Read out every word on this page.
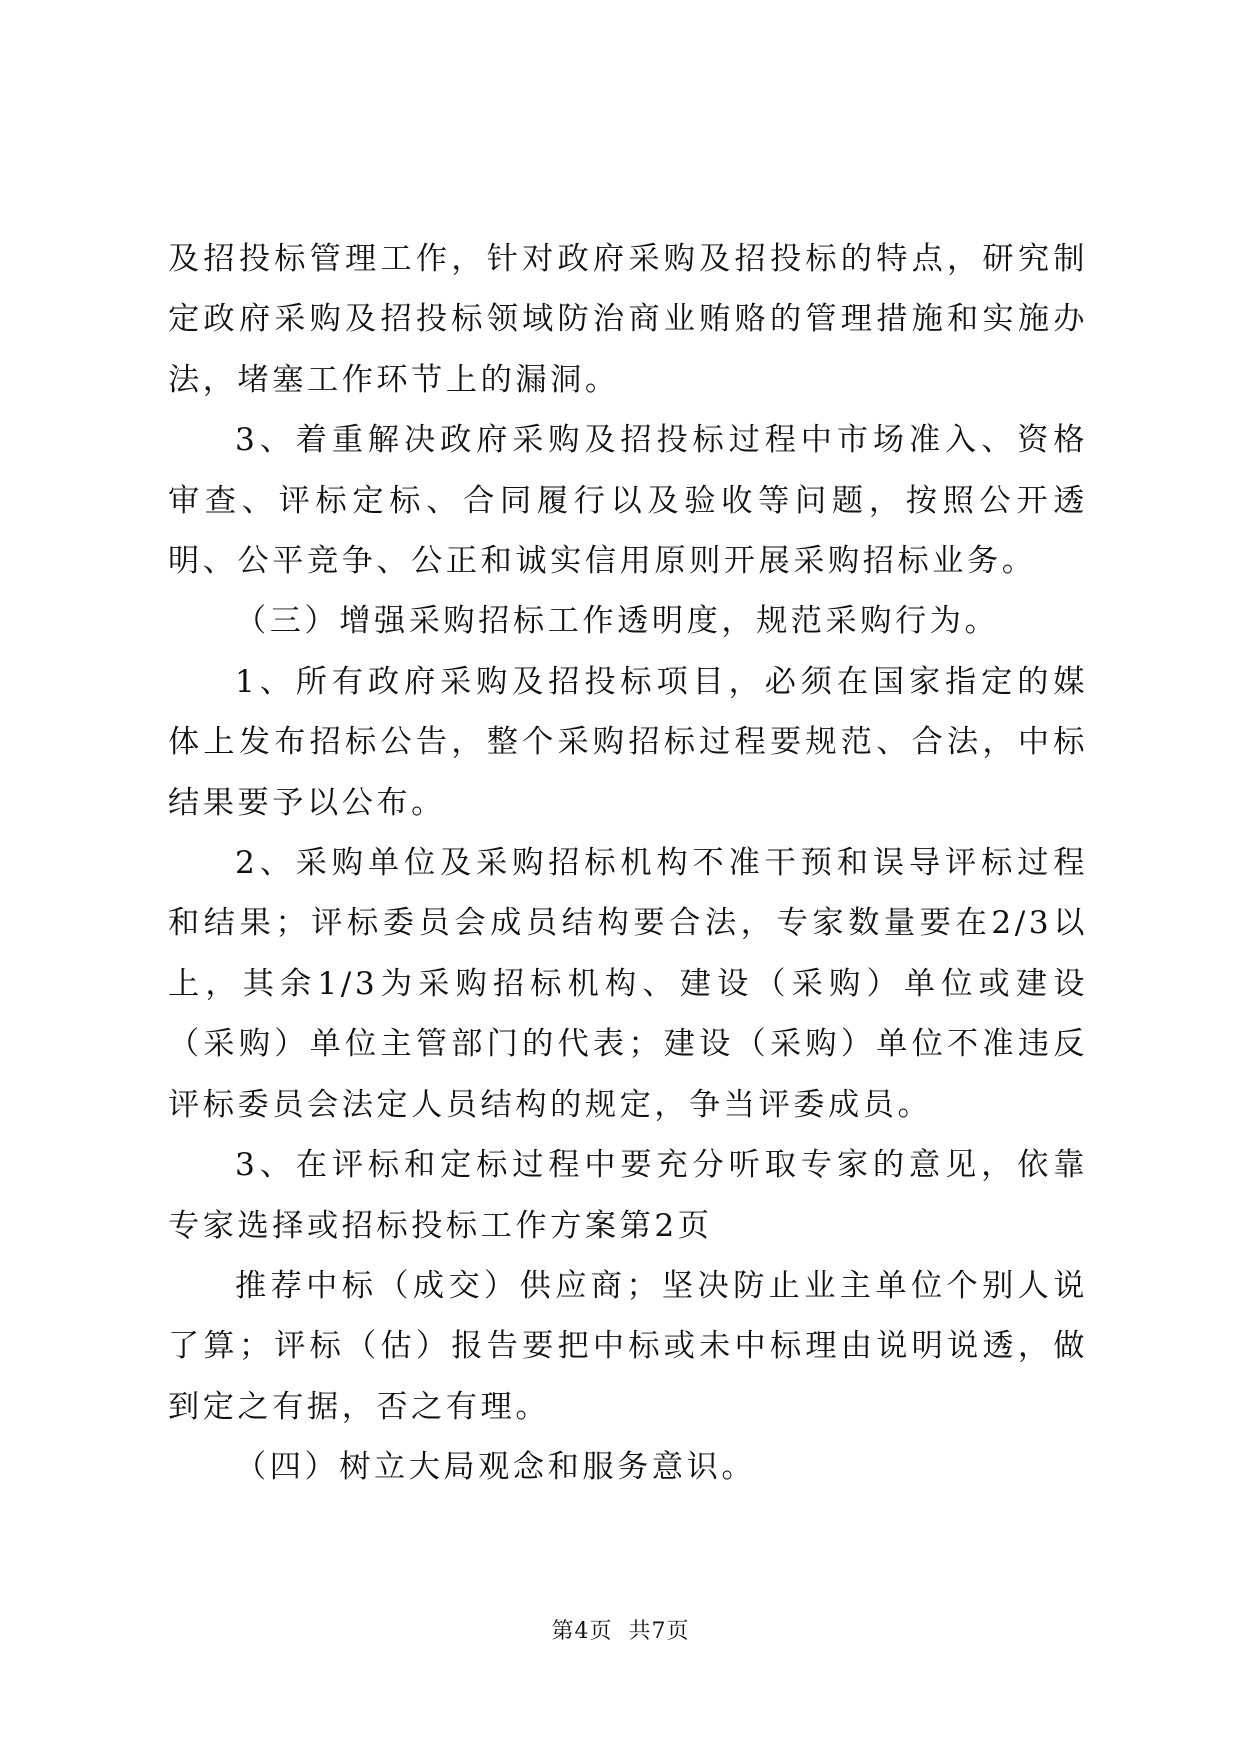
及招投标管理工作，针对政府采购及招投标的特点，研究制定政府采购及招投标领域防治商业贿赂的管理措施和实施办法，堵塞工作环节上的漏洞。

3、着重解决政府采购及招投标过程中市场准入、资格审查、评标定标、合同履行以及验收等问题，按照公开透明、公平竞争、公正和诚实信用原则开展采购招标业务。

（三）增强采购招标工作透明度，规范采购行为。

1、所有政府采购及招投标项目，必须在国家指定的媒体上发布招标公告，整个采购招标过程要规范、合法，中标结果要予以公布。

2、采购单位及采购招标机构不准干预和误导评标过程和结果；评标委员会成员结构要合法，专家数量要在2/3以上，其余1/3为采购招标机构、建设（采购）单位或建设（采购）单位主管部门的代表；建设（采购）单位不准违反评标委员会法定人员结构的规定，争当评委成员。

3、在评标和定标过程中要充分听取专家的意见，依靠专家选择或招标投标工作方案第2页

推荐中标（成交）供应商；坚决防止业主单位个别人说了算；评标（估）报告要把中标或未中标理由说明说透，做到定之有据，否之有理。

（四）树立大局观念和服务意识。

第4页  共7页
